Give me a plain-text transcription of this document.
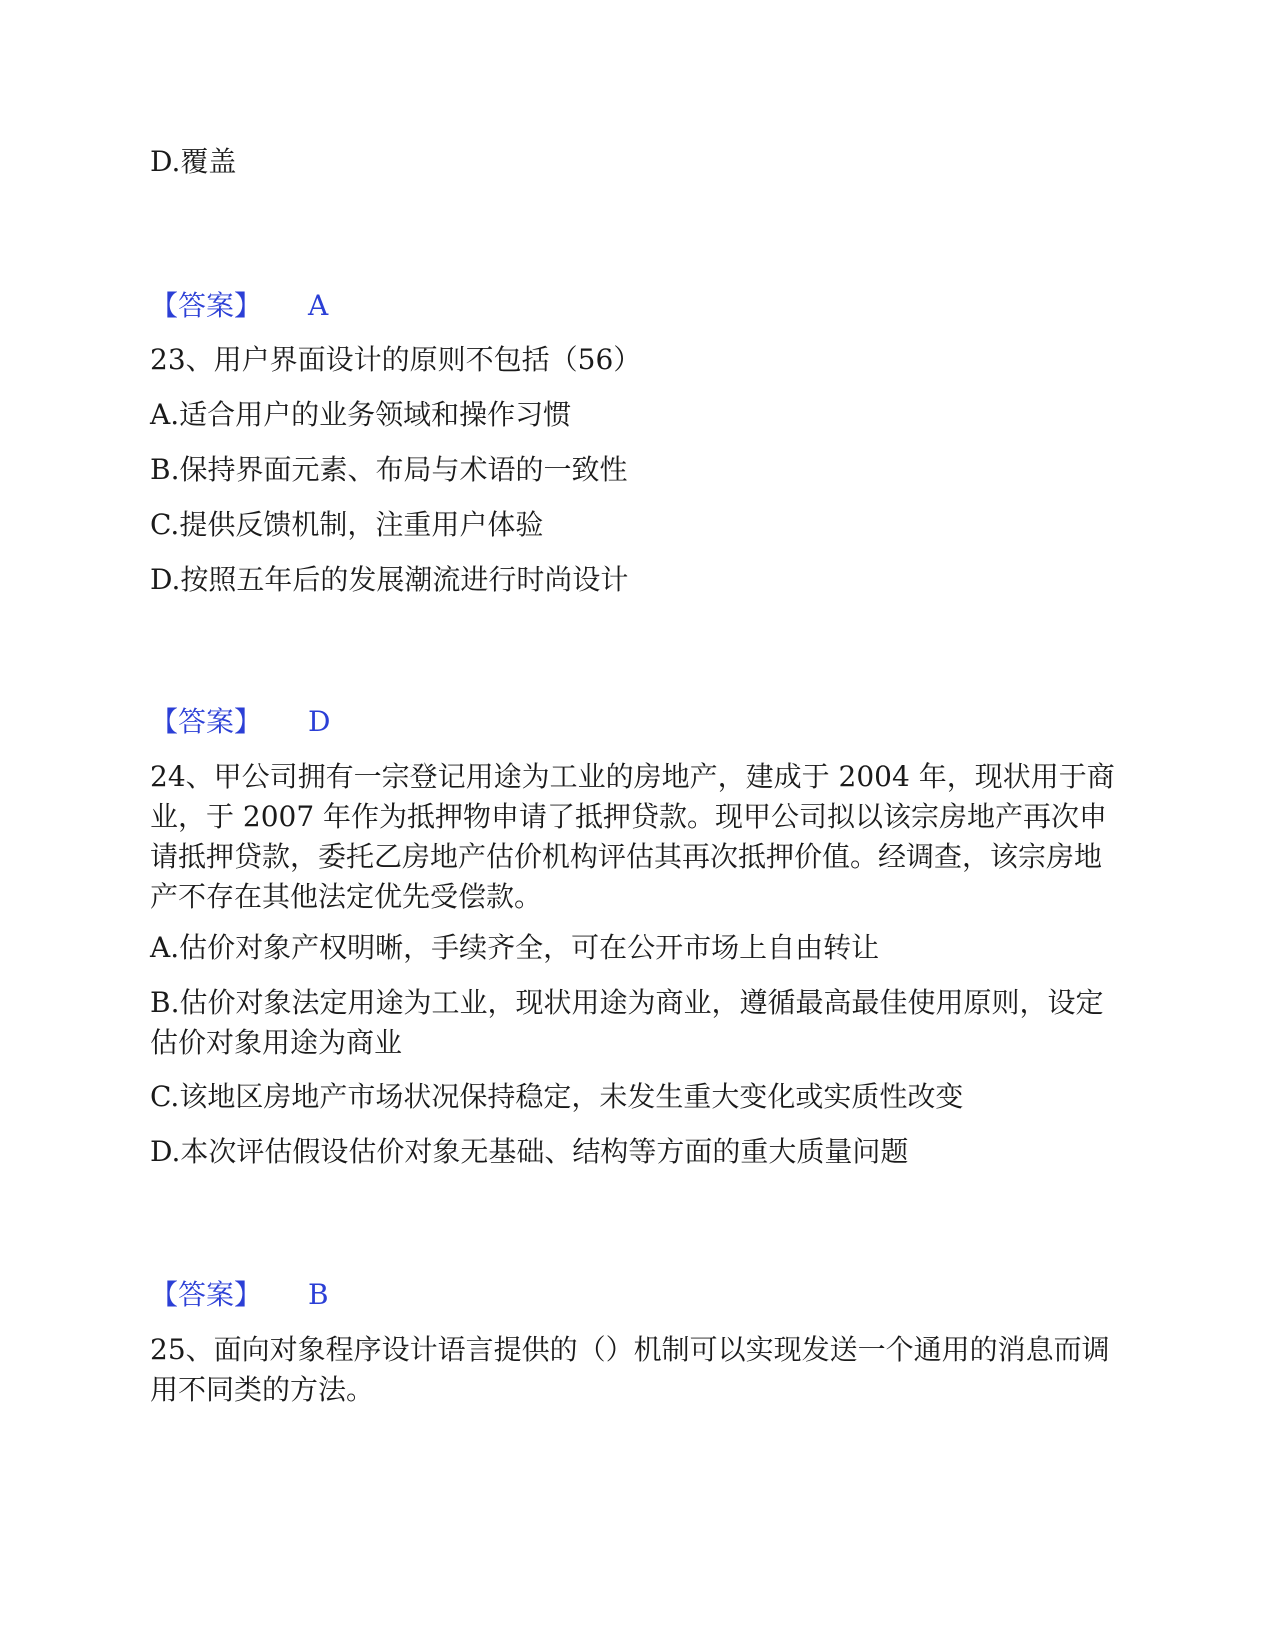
D.覆盖
【答案】 A
23、用户界面设计的原则不包括（56）
A.适合用户的业务领域和操作习惯
B.保持界面元素、布局与术语的一致性
C.提供反馈机制，注重用户体验
D.按照五年后的发展潮流进行时尚设计
【答案】 D
24、甲公司拥有一宗登记用途为工业的房地产，建成于 2004 年，现状用于商业，于 2007 年作为抵押物申请了抵押贷款。现甲公司拟以该宗房地产再次申请抵押贷款，委托乙房地产估价机构评估其再次抵押价值。经调查，该宗房地产不存在其他法定优先受偿款。
A.估价对象产权明晰，手续齐全，可在公开市场上自由转让
B.估价对象法定用途为工业，现状用途为商业，遵循最高最佳使用原则，设定估价对象用途为商业
C.该地区房地产市场状况保持稳定，未发生重大变化或实质性改变
D.本次评估假设估价对象无基础、结构等方面的重大质量问题
【答案】 B
25、面向对象程序设计语言提供的（）机制可以实现发送一个通用的消息而调用不同类的方法。
